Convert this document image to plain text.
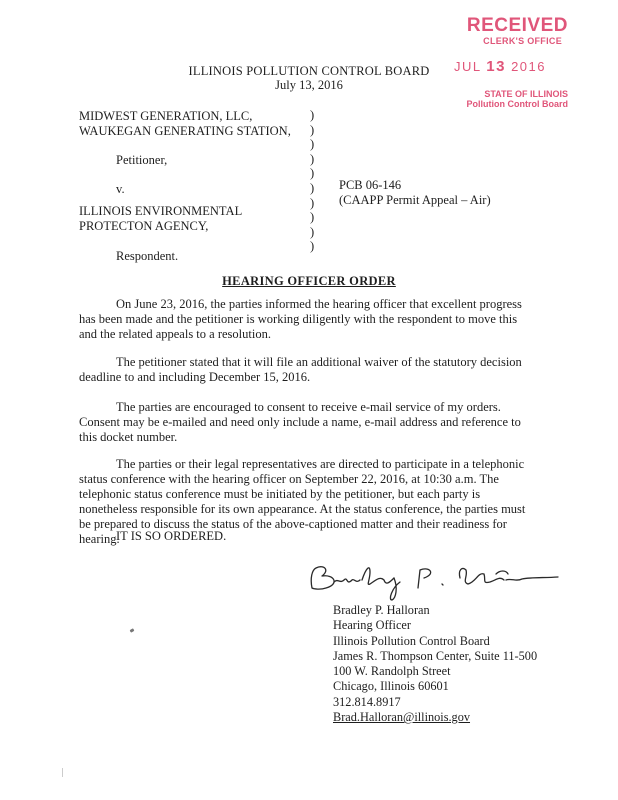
RECEIVED
CLERK'S OFFICE
JUL 13 2016
STATE OF ILLINOIS
Pollution Control Board
ILLINOIS POLLUTION CONTROL BOARD
July 13, 2016
MIDWEST GENERATION, LLC,
WAUKEGAN GENERATING STATION,
Petitioner,
v.
ILLINOIS ENVIRONMENTAL
PROTECTON AGENCY,
Respondent.
)
)
)
)
)
)
)
)
)
)
PCB 06-146
(CAAPP Permit Appeal – Air)
HEARING OFFICER ORDER

On June 23, 2016, the parties informed the hearing officer that excellent progress has been made and the petitioner is working diligently with the respondent to move this and the related appeals to a resolution.

The petitioner stated that it will file an additional waiver of the statutory decision deadline to and including December 15, 2016.

The parties are encouraged to consent to receive e-mail service of my orders. Consent may be e-mailed and need only include a name, e-mail address and reference to this docket number.

The parties or their legal representatives are directed to participate in a telephonic status conference with the hearing officer on September 22, 2016, at 10:30 a.m. The telephonic status conference must be initiated by the petitioner, but each party is nonetheless responsible for its own appearance. At the status conference, the parties must be prepared to discuss the status of the above-captioned matter and their readiness for hearing.

IT IS SO ORDERED.

Bradley P. Halloran
Hearing Officer
Illinois Pollution Control Board
James R. Thompson Center, Suite 11-500
100 W. Randolph Street
Chicago, Illinois 60601
312.814.8917
Brad.Halloran@illinois.gov
